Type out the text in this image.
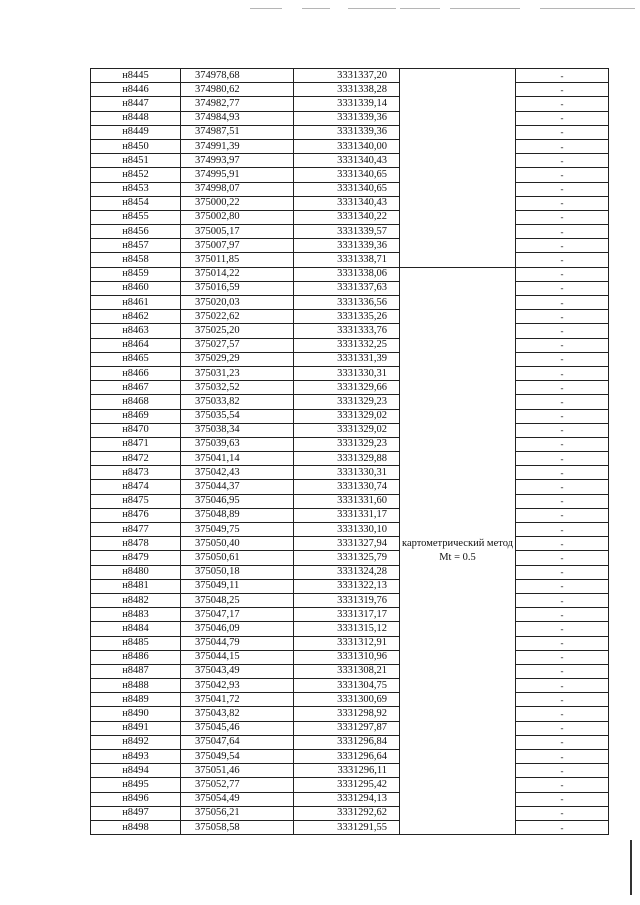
н8445	374978,68	3331337,20		-
н8446	374980,62	3331338,28		-
н8447	374982,77	3331339,14		-
н8448	374984,93	3331339,36		-
н8449	374987,51	3331339,36		-
н8450	374991,39	3331340,00		-
н8451	374993,97	3331340,43		-
н8452	374995,91	3331340,65		-
н8453	374998,07	3331340,65		-
н8454	375000,22	3331340,43		-
н8455	375002,80	3331340,22		-
н8456	375005,17	3331339,57		-
н8457	375007,97	3331339,36		-
н8458	375011,85	3331338,71		-
н8459	375014,22	3331338,06	картометрический метод Mt = 0.5	-
н8460	375016,59	3331337,63		-
н8461	375020,03	3331336,56		-
н8462	375022,62	3331335,26		-
н8463	375025,20	3331333,76		-
н8464	375027,57	3331332,25		-
н8465	375029,29	3331331,39		-
н8466	375031,23	3331330,31		-
н8467	375032,52	3331329,66		-
н8468	375033,82	3331329,23		-
н8469	375035,54	3331329,02		-
н8470	375038,34	3331329,02		-
н8471	375039,63	3331329,23		-
н8472	375041,14	3331329,88		-
н8473	375042,43	3331330,31		-
н8474	375044,37	3331330,74		-
н8475	375046,95	3331331,60		-
н8476	375048,89	3331331,17		-
н8477	375049,75	3331330,10		-
н8478	375050,40	3331327,94		-
н8479	375050,61	3331325,79		-
н8480	375050,18	3331324,28		-
н8481	375049,11	3331322,13		-
н8482	375048,25	3331319,76		-
н8483	375047,17	3331317,17		-
н8484	375046,09	3331315,12		-
н8485	375044,79	3331312,91		-
н8486	375044,15	3331310,96		-
н8487	375043,49	3331308,21		-
н8488	375042,93	3331304,75		-
н8489	375041,72	3331300,69		-
н8490	375043,82	3331298,92		-
н8491	375045,46	3331297,87		-
н8492	375047,64	3331296,84		-
н8493	375049,54	3331296,64		-
н8494	375051,46	3331296,11		-
н8495	375052,77	3331295,42		-
н8496	375054,49	3331294,13		-
н8497	375056,21	3331292,62		-
н8498	375058,58	3331291,55		-
